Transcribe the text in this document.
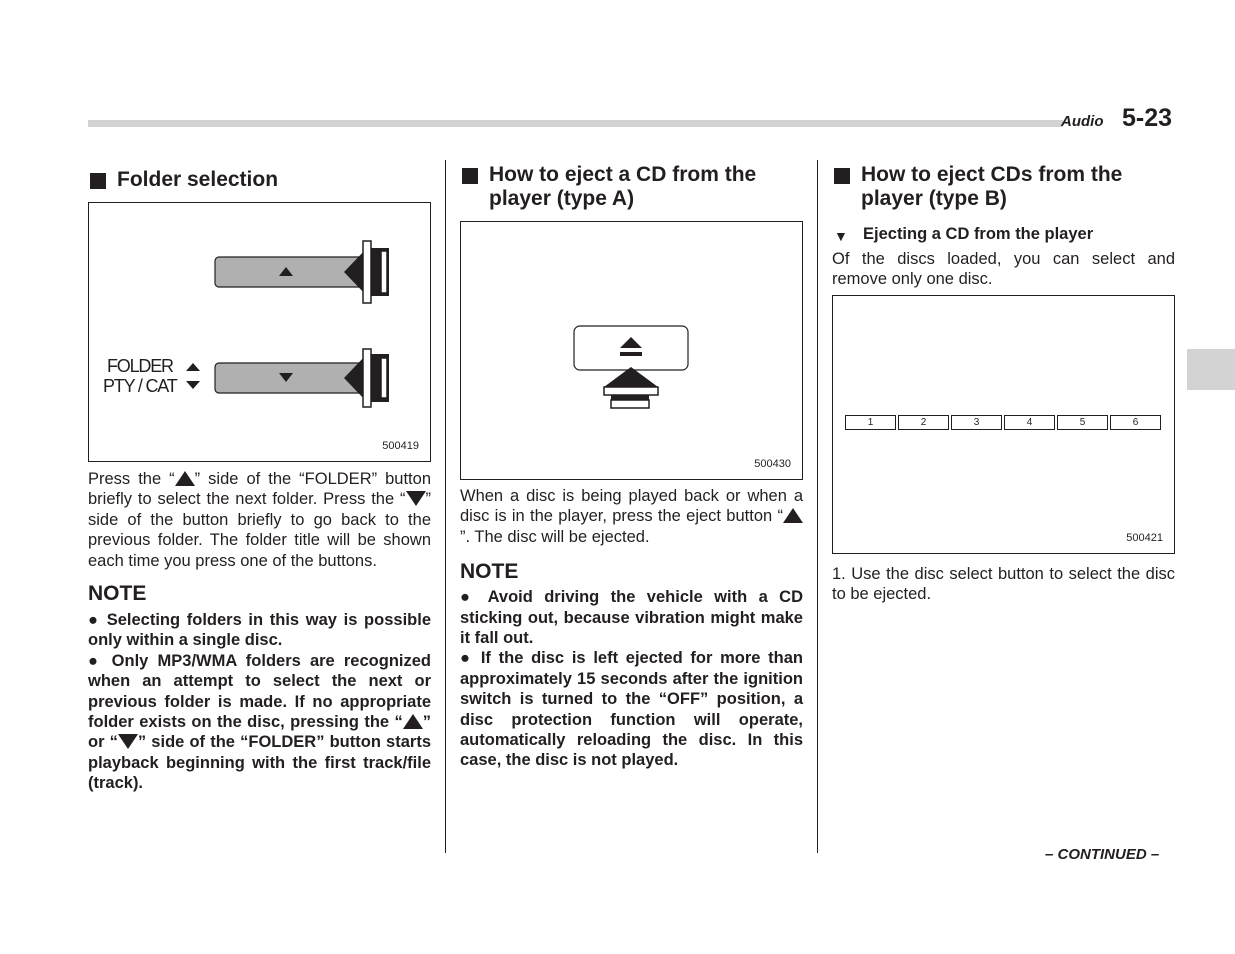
Audio 5-23
Folder selection
FOLDER
PTY / CAT
500419
Press the “ ” side of the “FOLDER” button briefly to select the next folder. Press the “ ” side of the button briefly to go back to the previous folder. The folder title will be shown each time you press one of the buttons.
NOTE
● Selecting folders in this way is possible only within a single disc.
● Only MP3/WMA folders are recognized when an attempt to select the next or previous folder is made. If no appropriate folder exists on the disc, pressing the “ ” or “ ” side of the “FOLDER” button starts playback beginning with the first track/file (track).
How to eject a CD from the player (type A)
500430
When a disc is being played back or when a disc is in the player, press the eject button “”. The disc will be ejected.
NOTE
● Avoid driving the vehicle with a CD sticking out, because vibration might make it fall out.
● If the disc is left ejected for more than approximately 15 seconds after the ignition switch is turned to the “OFF” position, a disc protection function will operate, automatically reloading the disc. In this case, the disc is not played.
How to eject CDs from the player (type B)
▼ Ejecting a CD from the player
Of the discs loaded, you can select and remove only one disc.
500421
1	2	3	4	5	6
1. Use the disc select button to select the disc to be ejected.
– CONTINUED –
